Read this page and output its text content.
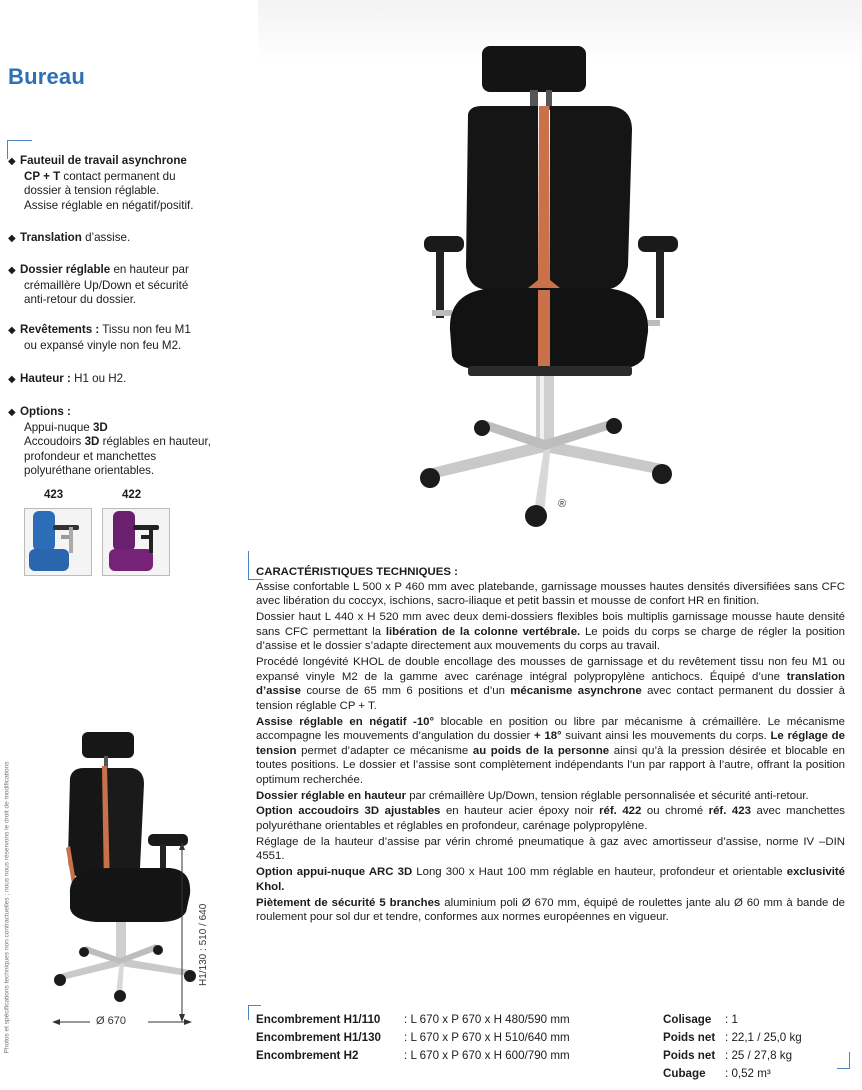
Bureau
◆ Fauteuil de travail asynchrone
CP + T contact permanent du
dossier à tension réglable.
Assise réglable en négatif/positif.
◆ Translation d’assise.
◆ Dossier réglable en hauteur par
crémaillère Up/Down et sécurité
anti-retour du dossier.
◆ Revêtements : Tissu non feu M1
ou expansé vinyle non feu M2.
◆ Hauteur : H1 ou H2.
◆ Options :
Appui-nuque 3D
Accoudoirs 3D réglables en hauteur,
profondeur et manchettes
polyuréthane orientables.
423	422
Photos et spécifications techniques non contractuelles ; nous nous réservons le droit de modifications
®
H1/130 : 510 / 640
Ø 670
CARACTÉRISTIQUES TECHNIQUES :

Assise confortable L 500 x P 460 mm avec platebande, garnissage mousses hautes densités diversifiées sans CFC avec libération du coccyx, ischions, sacro-iliaque et petit bassin et mousse de confort HR en finition.

Dossier haut L 440 x H 520 mm avec deux demi-dossiers flexibles bois multiplis garnissage mousse haute densité sans CFC permettant la libération de la colonne vertébrale. Le poids du corps se charge de régler la position d’assise et le dossier s’adapte directement aux mouvements du corps au travail.

Procédé longévité KHOL de double encollage des mousses de garnissage et du revêtement tissu non feu M1 ou expansé vinyle M2 de la gamme avec carénage intégral polypropylène antichocs. Équipé d’une translation d’assise course de 65 mm 6 positions et d’un mécanisme asynchrone avec contact permanent du dossier à tension réglable CP + T.

Assise réglable en négatif -10° blocable en position ou libre par mécanisme à crémaillère. Le mécanisme accompagne les mouvements d’angulation du dossier + 18° suivant ainsi les mouvements du corps. Le réglage de tension permet d’adapter ce mécanisme au poids de la personne ainsi qu’à la pression désirée et blocable en toutes positions. Le dossier et l’assise sont complètement indépendants l’un par rapport à l’autre, offrant la position optimum recherchée.

Dossier réglable en hauteur par crémaillère Up/Down, tension réglable personnalisée et sécurité anti-retour.

Option accoudoirs 3D ajustables en hauteur acier époxy noir réf. 422 ou chromé réf. 423 avec manchettes polyuréthane orientables et réglables en profondeur, carénage polypropylène.

Réglage de la hauteur d’assise par vérin chromé pneumatique à gaz avec amortisseur d’assise, norme IV –DIN 4551.

Option appui-nuque ARC 3D Long 300 x Haut 100 mm réglable en hauteur, profondeur et orientable exclusivité Khol.

Piètement de sécurité 5 branches aluminium poli Ø 670 mm, équipé de roulettes jante alu Ø 60 mm à bande de roulement pour sol dur et tendre, conformes aux normes européennes en vigueur.

Encombrement H1/110	: L 670 x P 670 x H 480/590 mm
Encombrement H1/130	: L 670 x P 670 x H 510/640 mm
Encombrement H2	: L 670 x P 670 x H 600/790 mm
Colisage	: 1
Poids net : 22,1 / 25,0 kg
Poids net : 25 / 27,8 kg
Cubage	: 0,52 m³
